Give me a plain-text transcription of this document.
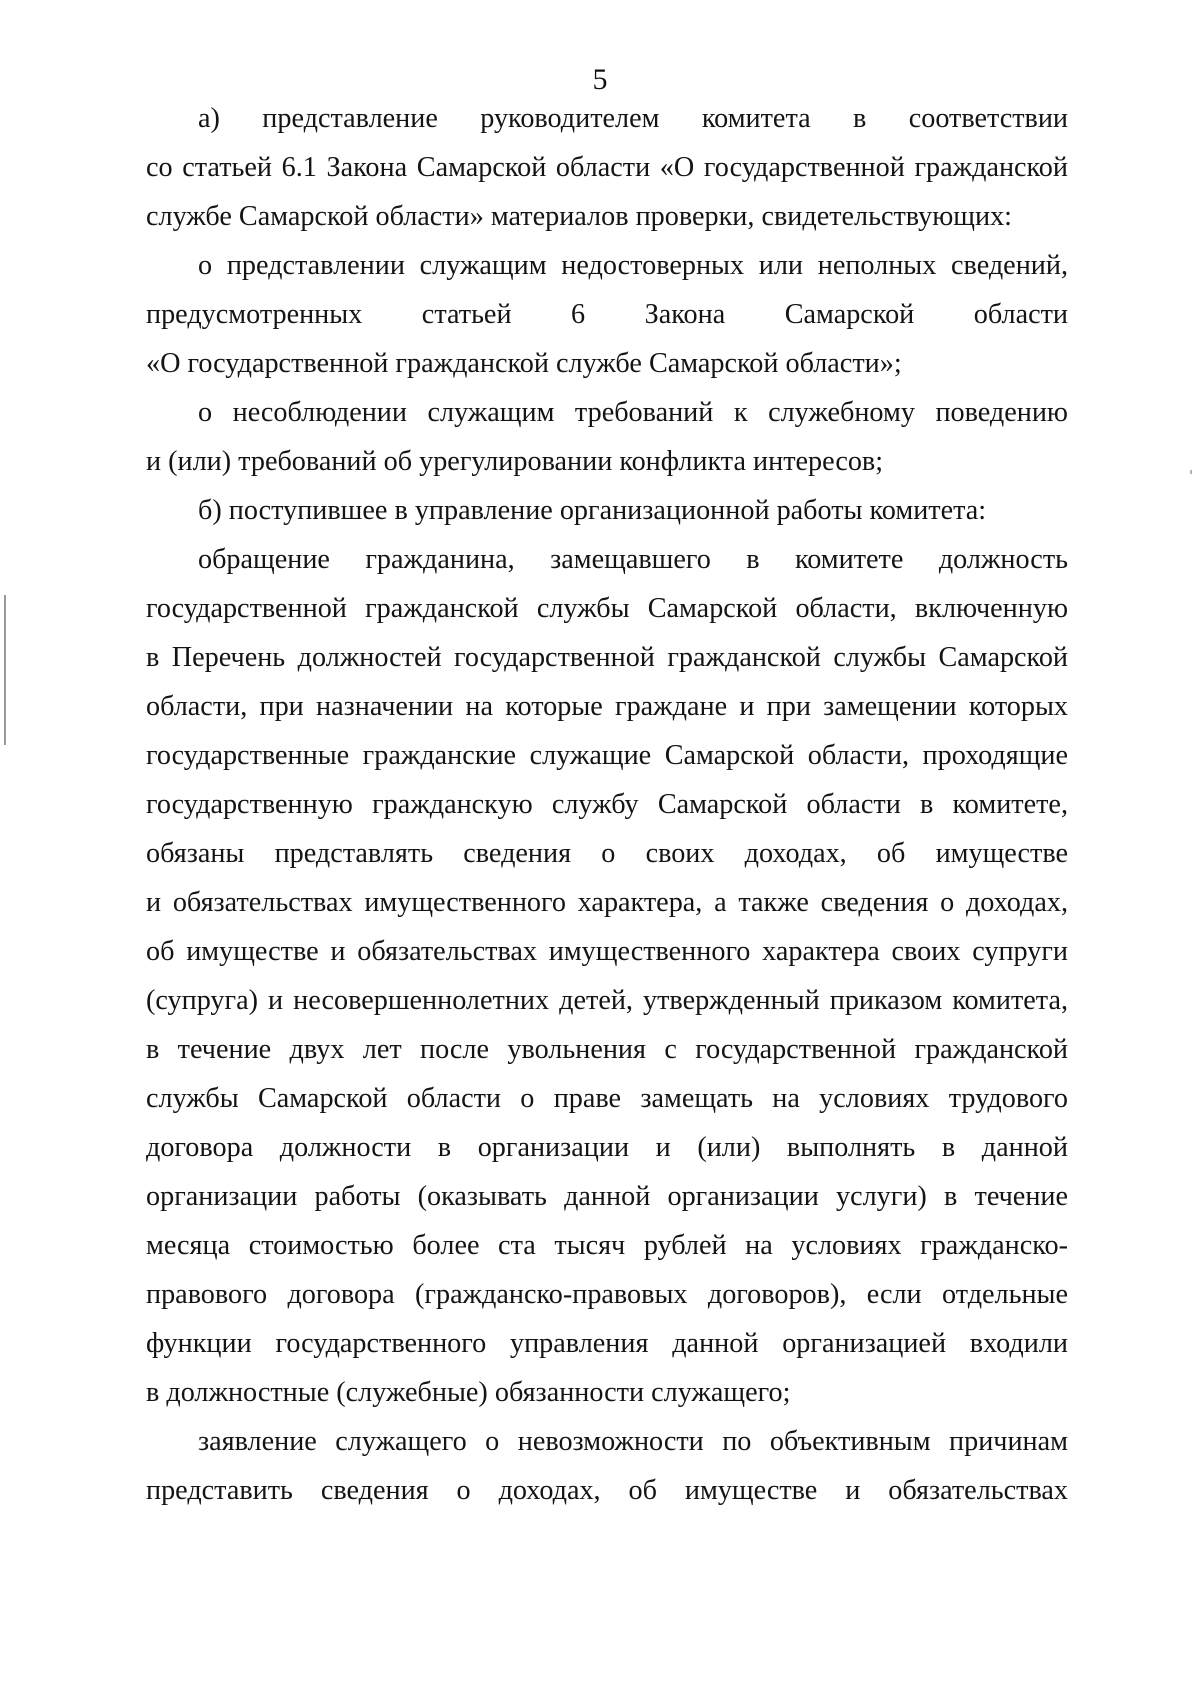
5

а) представление руководителем комитета в соответствии

со статьей 6.1 Закона Самарской области «О государственной гражданской

службе Самарской области» материалов проверки, свидетельствующих:

о представлении служащим недостоверных или неполных сведений,

предусмотренных статьей 6 Закона Самарской области

«О государственной гражданской службе Самарской области»;

о несоблюдении служащим требований к служебному поведению

и (или) требований об урегулировании конфликта интересов;

б) поступившее в управление организационной работы комитета:

обращение гражданина, замещавшего в комитете должность

государственной гражданской службы Самарской области, включенную

в Перечень должностей государственной гражданской службы Самарской

области, при назначении на которые граждане и при замещении которых

государственные гражданские служащие Самарской области, проходящие

государственную гражданскую службу Самарской области в комитете,

обязаны представлять сведения о своих доходах, об имуществе

и обязательствах имущественного характера, а также сведения о доходах,

об имуществе и обязательствах имущественного характера своих супруги

(супруга) и несовершеннолетних детей, утвержденный приказом комитета,

в течение двух лет после увольнения с государственной гражданской

службы Самарской области о праве замещать на условиях трудового

договора должности в организации и (или) выполнять в данной

организации работы (оказывать данной организации услуги) в течение

месяца стоимостью более ста тысяч рублей на условиях гражданско-

правового договора (гражданско-правовых договоров), если отдельные

функции государственного управления данной организацией входили

в должностные (служебные) обязанности служащего;

заявление служащего о невозможности по объективным причинам

представить сведения о доходах, об имуществе и обязательствах
